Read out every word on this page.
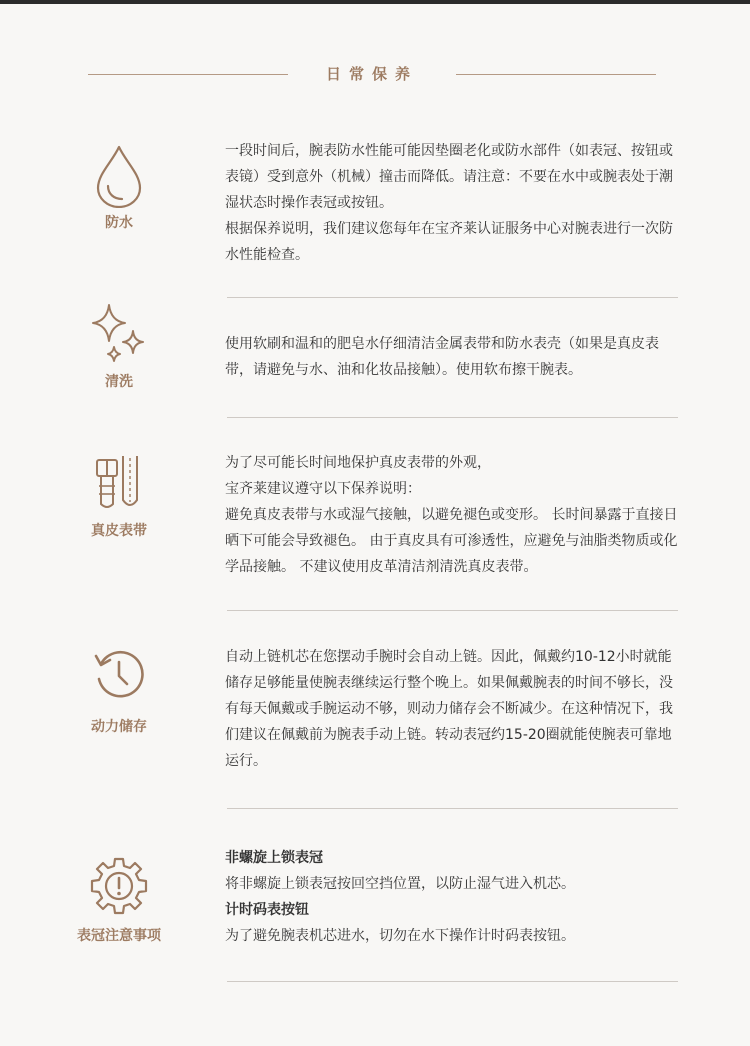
日常保养
防水

一段时间后，腕表防水性能可能因垫圈老化或防水部件（如表冠、按钮或表镜）受到意外（机械）撞击而降低。请注意：不要在水中或腕表处于潮湿状态时操作表冠或按钮。

根据保养说明，我们建议您每年在宝齐莱认证服务中心对腕表进行一次防水性能检查。

清洗

使用软刷和温和的肥皂水仔细清洁金属表带和防水表壳（如果是真皮表带，请避免与水、油和化妆品接触）。使用软布擦干腕表。

真皮表带

为了尽可能长时间地保护真皮表带的外观，

宝齐莱建议遵守以下保养说明：

避免真皮表带与水或湿气接触，以避免褪色或变形。 长时间暴露于直接日晒下可能会导致褪色。 由于真皮具有可渗透性，应避免与油脂类物质或化学品接触。 不建议使用皮革清洁剂清洗真皮表带。

动力储存

自动上链机芯在您摆动手腕时会自动上链。因此，佩戴约10-12小时就能储存足够能量使腕表继续运行整个晚上。如果佩戴腕表的时间不够长，没有每天佩戴或手腕运动不够，则动力储存会不断减少。在这种情况下，我们建议在佩戴前为腕表手动上链。转动表冠约15-20圈就能使腕表可靠地运行。

表冠注意事项

非螺旋上锁表冠

将非螺旋上锁表冠按回空挡位置，以防止湿气进入机芯。

计时码表按钮

为了避免腕表机芯进水，切勿在水下操作计时码表按钮。
